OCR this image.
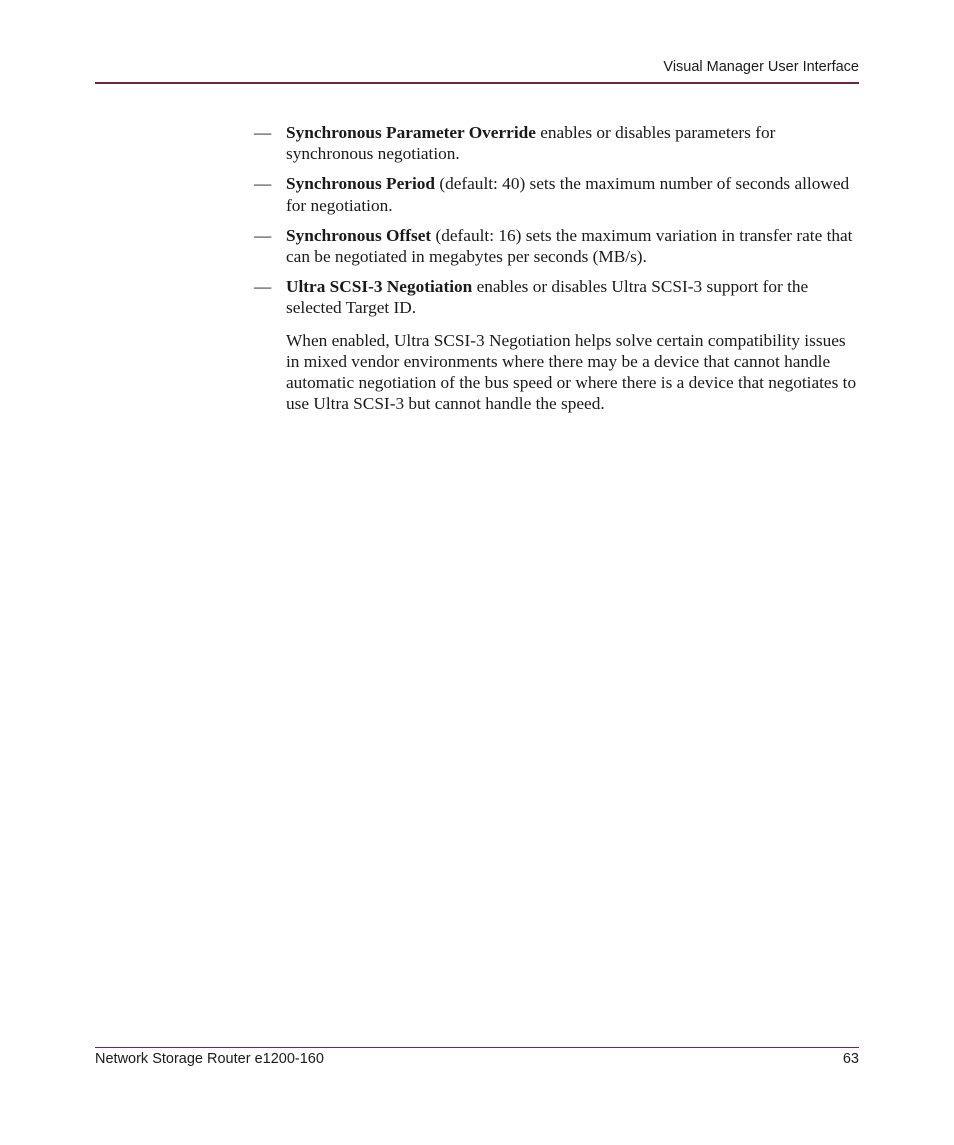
Visual Manager User Interface
— Synchronous Parameter Override enables or disables parameters for synchronous negotiation.
— Synchronous Period (default: 40) sets the maximum number of seconds allowed for negotiation.
— Synchronous Offset (default: 16) sets the maximum variation in transfer rate that can be negotiated in megabytes per seconds (MB/s).
— Ultra SCSI-3 Negotiation enables or disables Ultra SCSI-3 support for the selected Target ID.
When enabled, Ultra SCSI-3 Negotiation helps solve certain compatibility issues in mixed vendor environments where there may be a device that cannot handle automatic negotiation of the bus speed or where there is a device that negotiates to use Ultra SCSI-3 but cannot handle the speed.
Network Storage Router e1200-160	63
